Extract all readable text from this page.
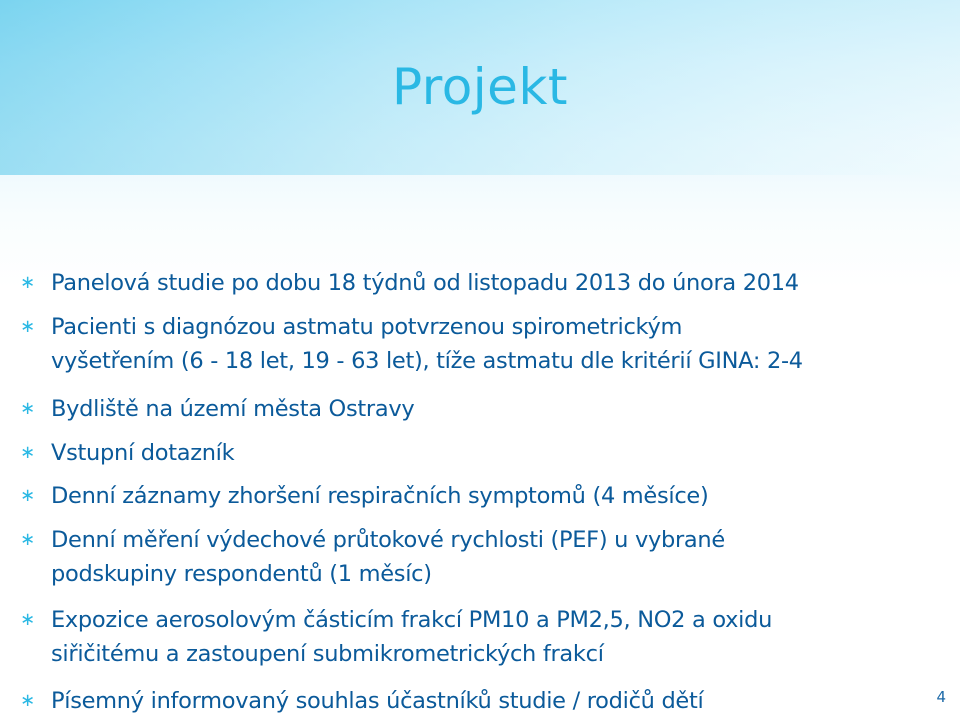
Projekt
∗ Panelová studie po dobu 18 týdnů od listopadu 2013 do února 2014
∗ Pacienti s diagnózou astmatu potvrzenou spirometrickým
vyšetřením (6 - 18 let, 19 - 63 let), tíže astmatu dle kritérií GINA: 2-4
∗ Bydliště na území města Ostravy
∗ Vstupní dotazník
∗ Denní záznamy zhoršení respiračních symptomů (4 měsíce)
∗ Denní měření výdechové průtokové rychlosti (PEF) u vybrané
podskupiny respondentů (1 měsíc)
∗ Expozice aerosolovým částicím frakcí PM10 a PM2,5, NO2 a oxidu
siřičitému a zastoupení submikrometrických frakcí
∗ Písemný informovaný souhlas účastníků studie / rodičů dětí	4
